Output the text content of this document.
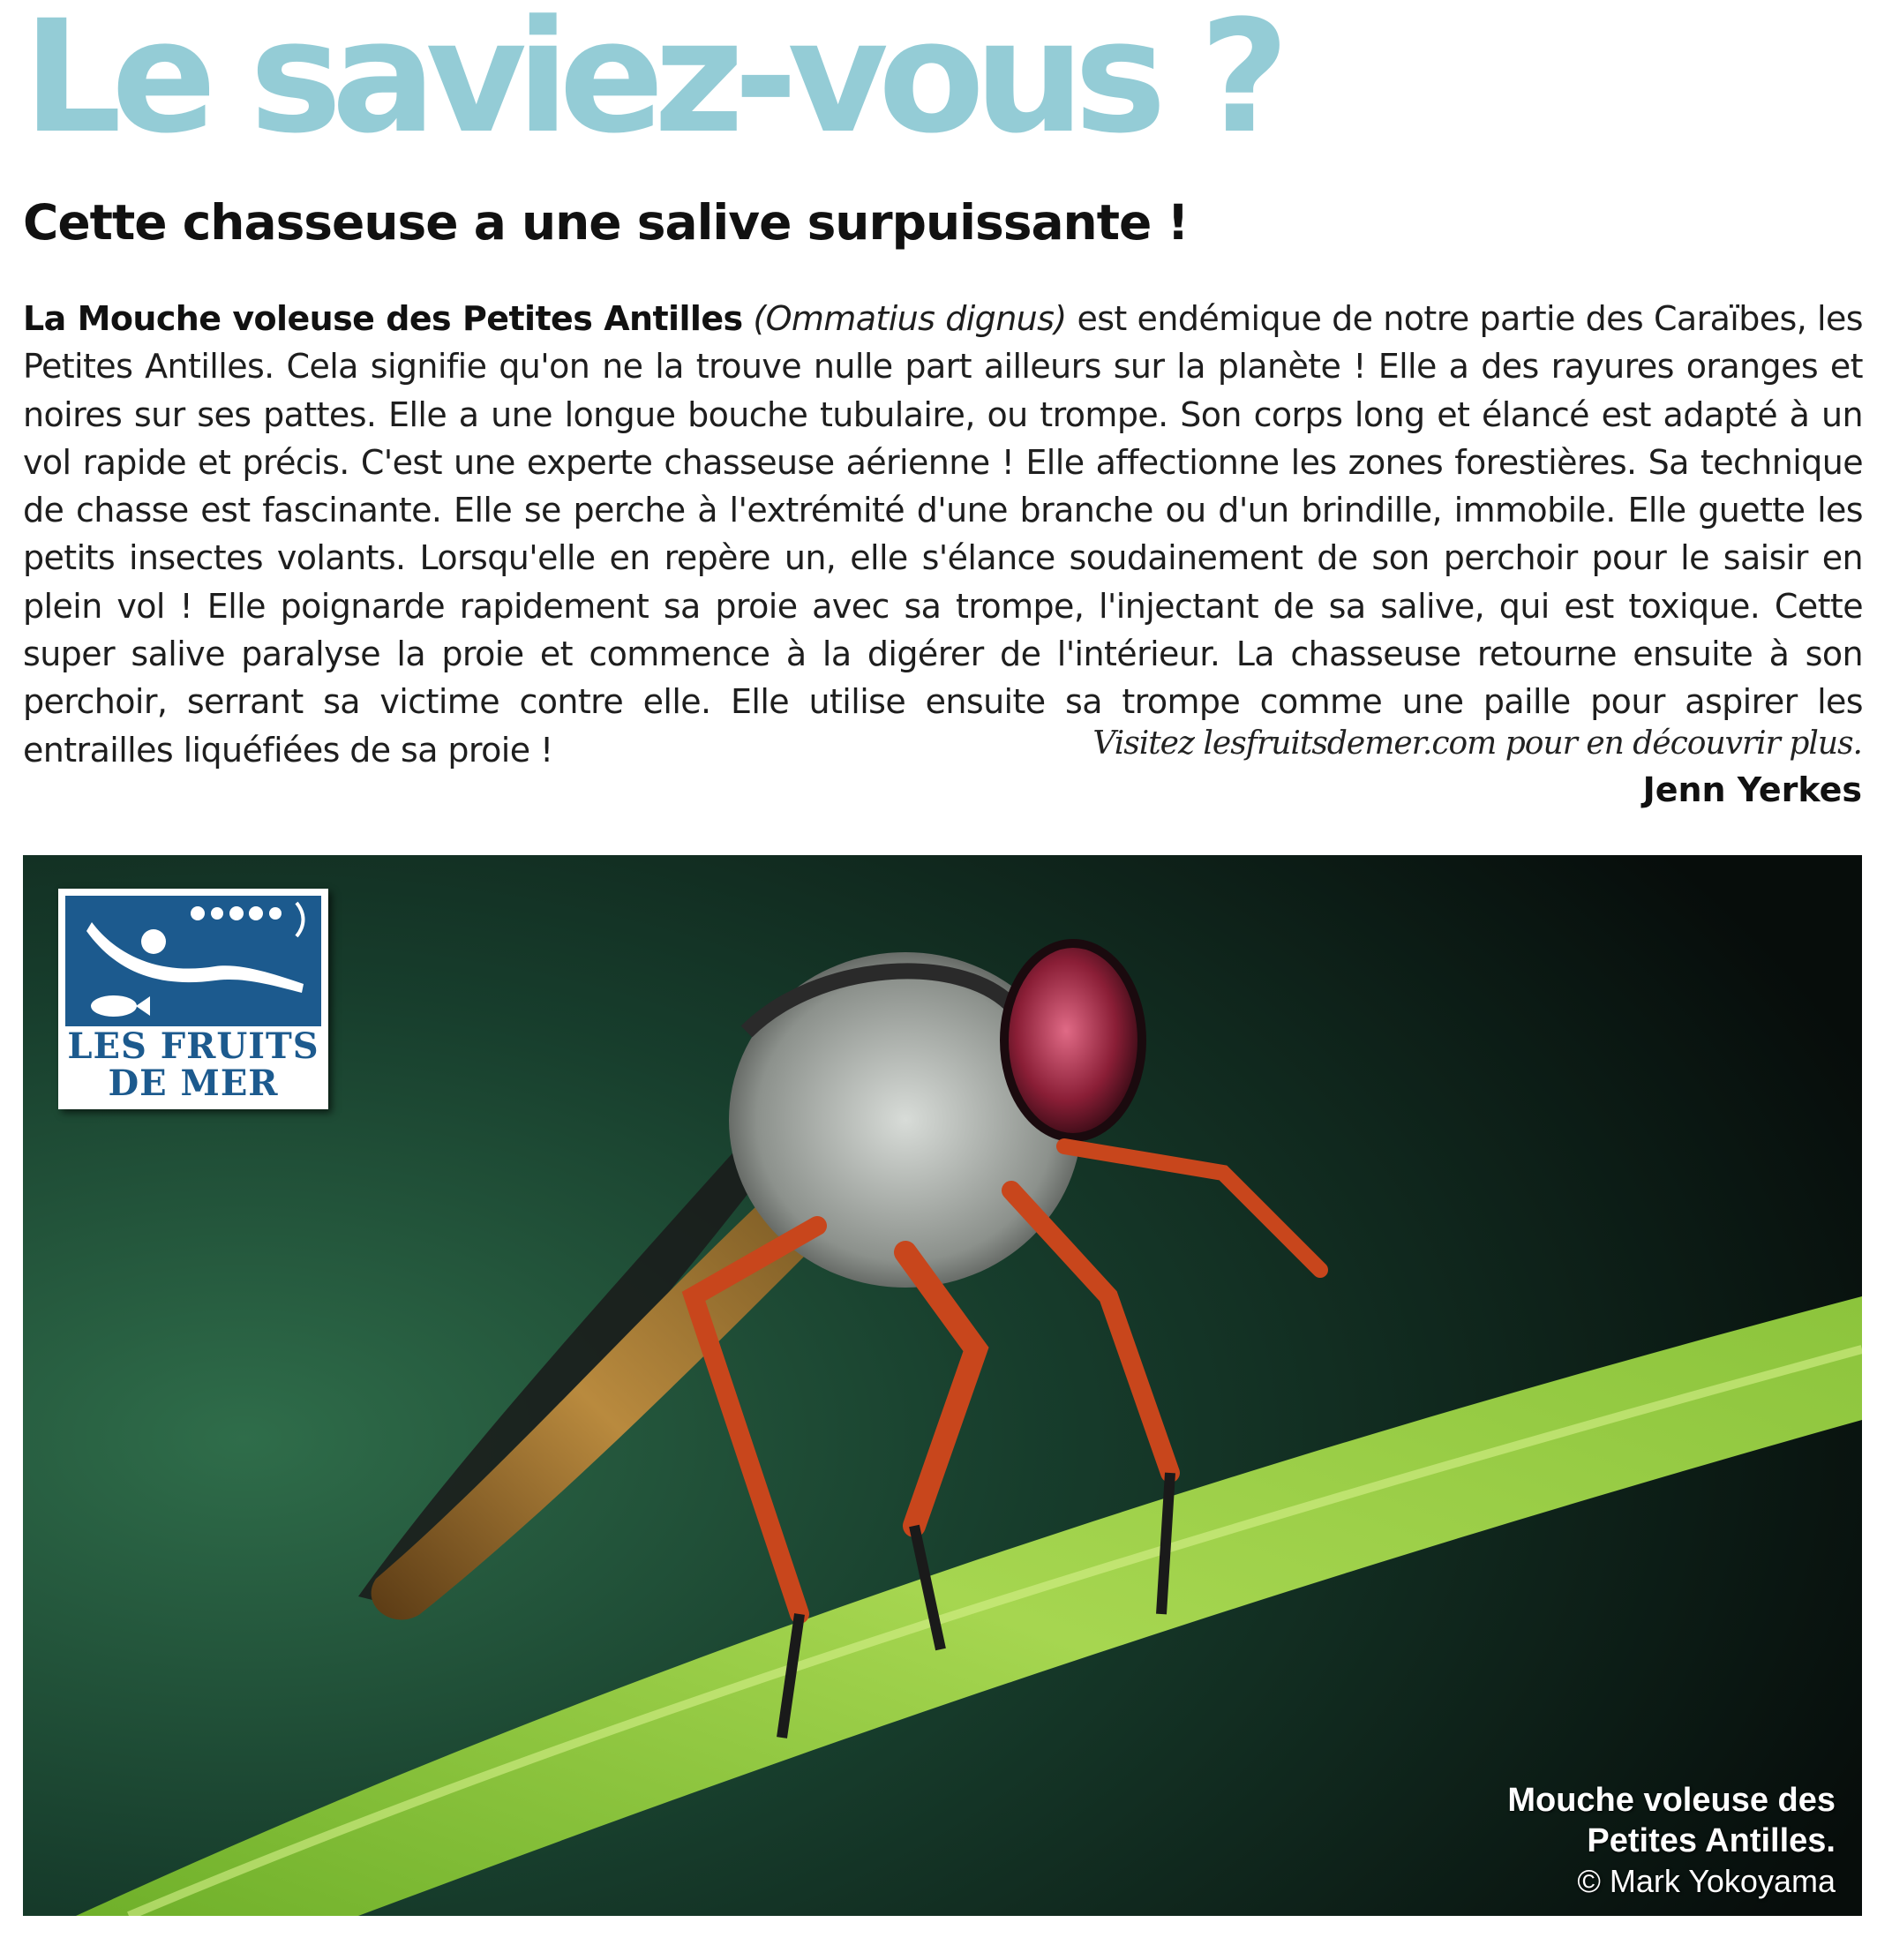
Le saviez-vous ?
Cette chasseuse a une salive surpuissante !

La Mouche voleuse des Petites Antilles (Ommatius dignus) est endémique de notre partie des Caraïbes, les Petites Antilles. Cela signifie qu'on ne la trouve nulle part ailleurs sur la planète ! Elle a des rayures oranges et noires sur ses pattes. Elle a une longue bouche tubulaire, ou trompe. Son corps long et élancé est adapté à un vol rapide et précis. C'est une experte chasseuse aérienne ! Elle affectionne les zones forestières. Sa technique de chasse est fascinante. Elle se perche à l'extrémité d'une branche ou d'un brindille, immobile. Elle guette les petits insectes volants. Lorsqu'elle en repère un, elle s'élance soudainement de son perchoir pour le saisir en plein vol ! Elle poignarde rapidement sa proie avec sa trompe, l'injectant de sa salive, qui est toxique. Cette super salive paralyse la proie et commence à la digérer de l'intérieur. La chasseuse retourne ensuite à son perchoir, serrant sa victime contre elle. Elle utilise ensuite sa trompe comme une paille pour aspirer les entrailles liquéfiées de sa proie !	Visitez lesfruitsdemer.com pour en découvrir plus.

Jenn Yerkes

LES FRUITS
DE MER
Mouche voleuse des
Petites Antilles.
© Mark Yokoyama
